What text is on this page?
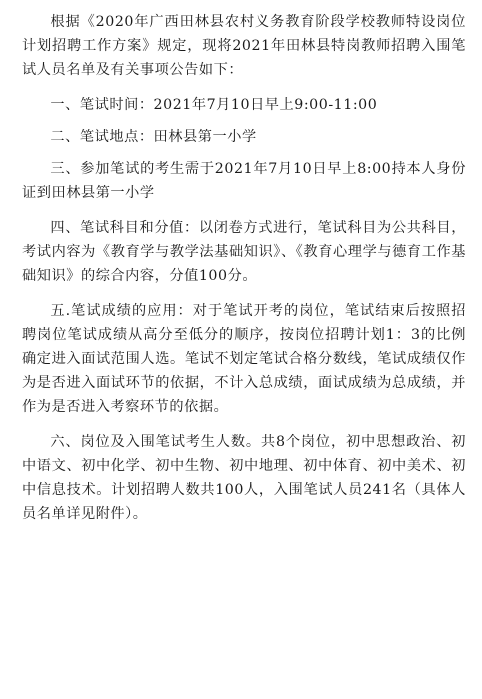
根据《2020年广西田林县农村义务教育阶段学校教师特设岗位计划招聘工作方案》规定，现将2021年田林县特岗教师招聘入围笔试人员名单及有关事项公告如下：

一、笔试时间：2021年7月10日早上9:00-11:00

二、笔试地点：田林县第一小学

三、参加笔试的考生需于2021年7月10日早上8:00持本人身份证到田林县第一小学

四、笔试科目和分值：以闭卷方式进行，笔试科目为公共科目，考试内容为《教育学与教学法基础知识》、《教育心理学与德育工作基础知识》的综合内容，分值100分。

五.笔试成绩的应用：对于笔试开考的岗位，笔试结束后按照招聘岗位笔试成绩从高分至低分的顺序，按岗位招聘计划1：3的比例确定进入面试范围人选。笔试不划定笔试合格分数线，笔试成绩仅作为是否进入面试环节的依据，不计入总成绩，面试成绩为总成绩，并作为是否进入考察环节的依据。

六、岗位及入围笔试考生人数。共8个岗位，初中思想政治、初中语文、初中化学、初中生物、初中地理、初中体育、初中美术、初中信息技术。计划招聘人数共100人，入围笔试人员241名（具体人员名单详见附件）。
